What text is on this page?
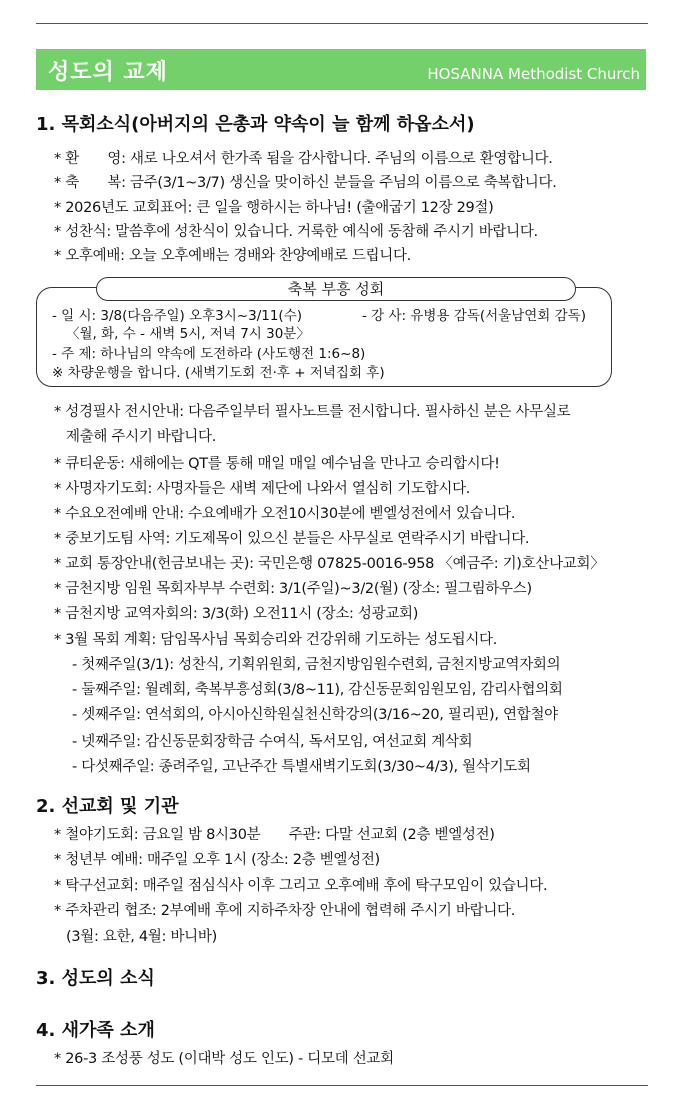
성도의 교제	HOSANNA Methodist Church
1. 목회소식(아버지의 은총과 약속이 늘 함께 하옵소서)
* 환　　영: 새로 나오셔서 한가족 됨을 감사합니다. 주님의 이름으로 환영합니다.
* 축　　복: 금주(3/1~3/7) 생신을 맞이하신 분들을 주님의 이름으로 축복합니다.
* 2026년도 교회표어: 큰 일을 행하시는 하나님! (출애굽기 12장 29절)
* 성찬식: 말씀후에 성찬식이 있습니다. 거룩한 예식에 동참해 주시기 바랍니다.
* 오후예배: 오늘 오후예배는 경배와 찬양예배로 드립니다.
축복 부흥 성회
- 일 시: 3/8(다음주일) 오후3시~3/11(수)	- 강 사: 유병용 감독(서울남연회 감독)
〈월, 화, 수 - 새벽 5시, 저녁 7시 30분〉
- 주 제: 하나님의 약속에 도전하라 (사도행전 1:6~8)
※ 차량운행을 합니다. (새벽기도회 전·후 + 저녁집회 후)
* 성경필사 전시안내: 다음주일부터 필사노트를 전시합니다. 필사하신 분은 사무실로
제출해 주시기 바랍니다.
* 큐티운동: 새해에는 QT를 통해 매일 매일 예수님을 만나고 승리합시다!
* 사명자기도회: 사명자들은 새벽 제단에 나와서 열심히 기도합시다.
* 수요오전예배 안내: 수요예배가 오전10시30분에 벧엘성전에서 있습니다.
* 중보기도팀 사역: 기도제목이 있으신 분들은 사무실로 연락주시기 바랍니다.
* 교회 통장안내(헌금보내는 곳): 국민은행 07825-0016-958 〈예금주: 기)호산나교회〉
* 금천지방 임원 목회자부부 수련회: 3/1(주일)~3/2(월) (장소: 필그림하우스)
* 금천지방 교역자회의: 3/3(화) 오전11시 (장소: 성광교회)
* 3월 목회 계획: 담임목사님 목회승리와 건강위해 기도하는 성도됩시다.
- 첫째주일(3/1): 성찬식, 기획위원회, 금천지방임원수련회, 금천지방교역자회의
- 둘째주일: 월례회, 축복부흥성회(3/8~11), 감신동문회임원모임, 감리사협의회
- 셋째주일: 연석회의, 아시아신학원실천신학강의(3/16~20, 필리핀), 연합철야
- 넷째주일: 감신동문회장학금 수여식, 독서모임, 여선교회 계삭회
- 다섯째주일: 종려주일, 고난주간 특별새벽기도회(3/30~4/3), 월삭기도회
2. 선교회 및 기관
* 철야기도회: 금요일 밤 8시30분　　주관: 다말 선교회 (2층 벧엘성전)
* 청년부 예배: 매주일 오후 1시 (장소: 2층 벧엘성전)
* 탁구선교회: 매주일 점심식사 이후 그리고 오후예배 후에 탁구모임이 있습니다.
* 주차관리 협조: 2부예배 후에 지하주차장 안내에 협력해 주시기 바랍니다.
(3월: 요한, 4월: 바니바)
3. 성도의 소식
4. 새가족 소개
* 26-3 조성풍 성도 (이대박 성도 인도) - 디모데 선교회
